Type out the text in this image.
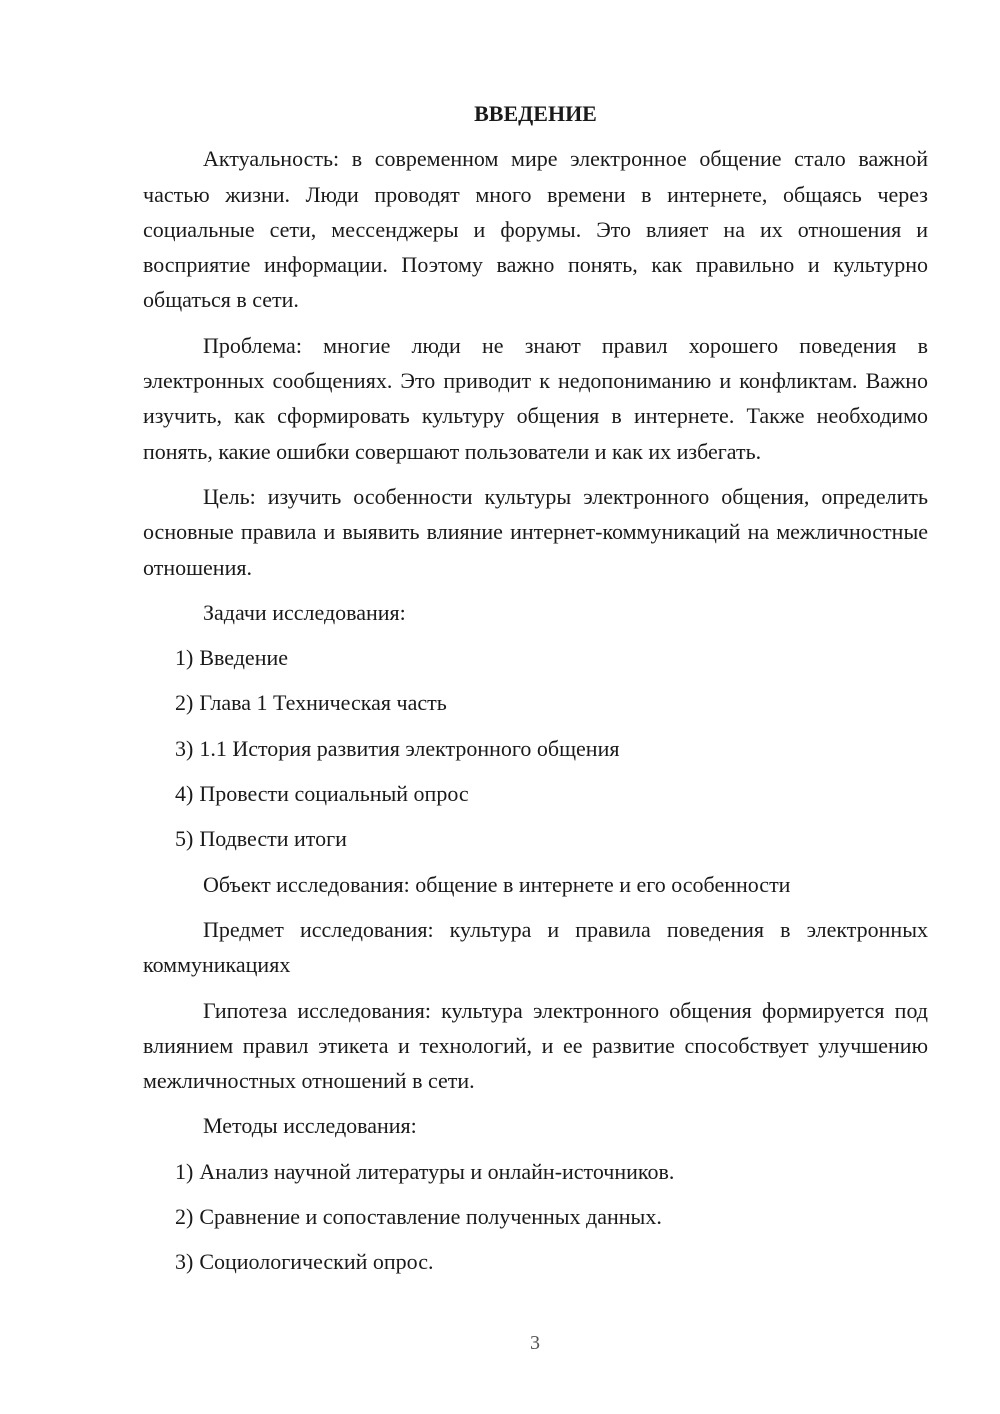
ВВЕДЕНИЕ

Актуальность: в современном мире электронное общение стало важной частью жизни. Люди проводят много времени в интернете, общаясь через социальные сети, мессенджеры и форумы. Это влияет на их отношения и восприятие информации. Поэтому важно понять, как правильно и культурно общаться в сети.

Проблема: многие люди не знают правил хорошего поведения в электронных сообщениях. Это приводит к недопониманию и конфликтам. Важно изучить, как сформировать культуру общения в интернете. Также необходимо понять, какие ошибки совершают пользователи и как их избегать.

Цель: изучить особенности культуры электронного общения, определить основные правила и выявить влияние интернет-коммуникаций на межличностные отношения.

Задачи исследования:

1) Введение
2) Глава 1 Техническая часть
3) 1.1 История развития электронного общения
4) Провести социальный опрос
5) Подвести итоги

Объект исследования: общение в интернете и его особенности

Предмет исследования: культура и правила поведения в электронных коммуникациях

Гипотеза исследования: культура электронного общения формируется под влиянием правил этикета и технологий, и ее развитие способствует улучшению межличностных отношений в сети.

Методы исследования:

1) Анализ научной литературы и онлайн-источников.
2) Сравнение и сопоставление полученных данных.
3) Социологический опрос.
3
